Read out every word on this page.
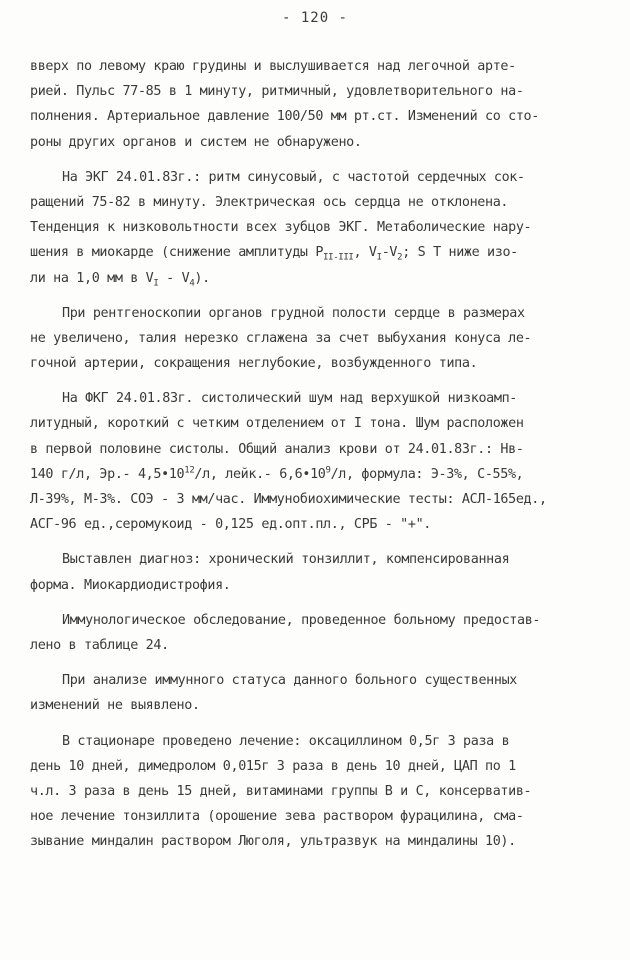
- 120 -
вверх по левому краю грудины и выслушивается над легочной арте-
рией. Пульс 77-85 в 1 минуту, ритмичный, удовлетворительного на-
полнения. Артериальное давление 100/50 мм рт.ст. Изменений со сто-
роны других органов и систем не обнаружено.
На ЭКГ 24.01.83г.: ритм синусовый, с частотой сердечных сок-
ращений 75-82 в минуту. Электрическая ось сердца не отклонена.
Тенденция к низковольтности всех зубцов ЭКГ. Метаболические нару-
шения в миокарде (снижение амплитуды $P_{II-III}$, $V_I-V_2$; S T ниже изо-
ли на 1,0 мм в $V_I - V_4$).
При рентгеноскопии органов грудной полости сердце в размерах
не увеличено, талия нерезко сглажена за счет выбухания конуса ле-
гочной артерии, сокращения неглубокие, возбужденного типа.
На ФКГ 24.01.83г. систолический шум над верхушкой низкоамп-
литудный, короткий с четким отделением от I тона. Шум расположен
в первой половине систолы. Общий анализ крови от 24.01.83г.: Нв-
140 г/л, Эр.- $4,5•10^{12}/л$, лейк.- $6,6•10^9/л$, формула: Э-3%, С-55%,
Л-39%, М-3%. СОЭ - 3 мм/час. Иммунобиохимические тесты: АСЛ-165ед.,
АСГ-96 ед.,серомукоид - 0,125 ед.опт.пл., СРБ - "+".
Выставлен диагноз: хронический тонзиллит, компенсированная
форма. Миокардиодистрофия.
Иммунологическое обследование, проведенное больному предостав-
лено в таблице 24.
При анализе иммунного статуса данного больного существенных
изменений не выявлено.
В стационаре проведено лечение: оксациллином 0,5г 3 раза в
день 10 дней, димедролом 0,015г 3 раза в день 10 дней, ЦАП по 1
ч.л. 3 раза в день 15 дней, витаминами группы В и С, консерватив-
ное лечение тонзиллита (орошение зева раствором фурацилина, сма-
зывание миндалин раствором Люголя, ультразвук на миндалины 10).
